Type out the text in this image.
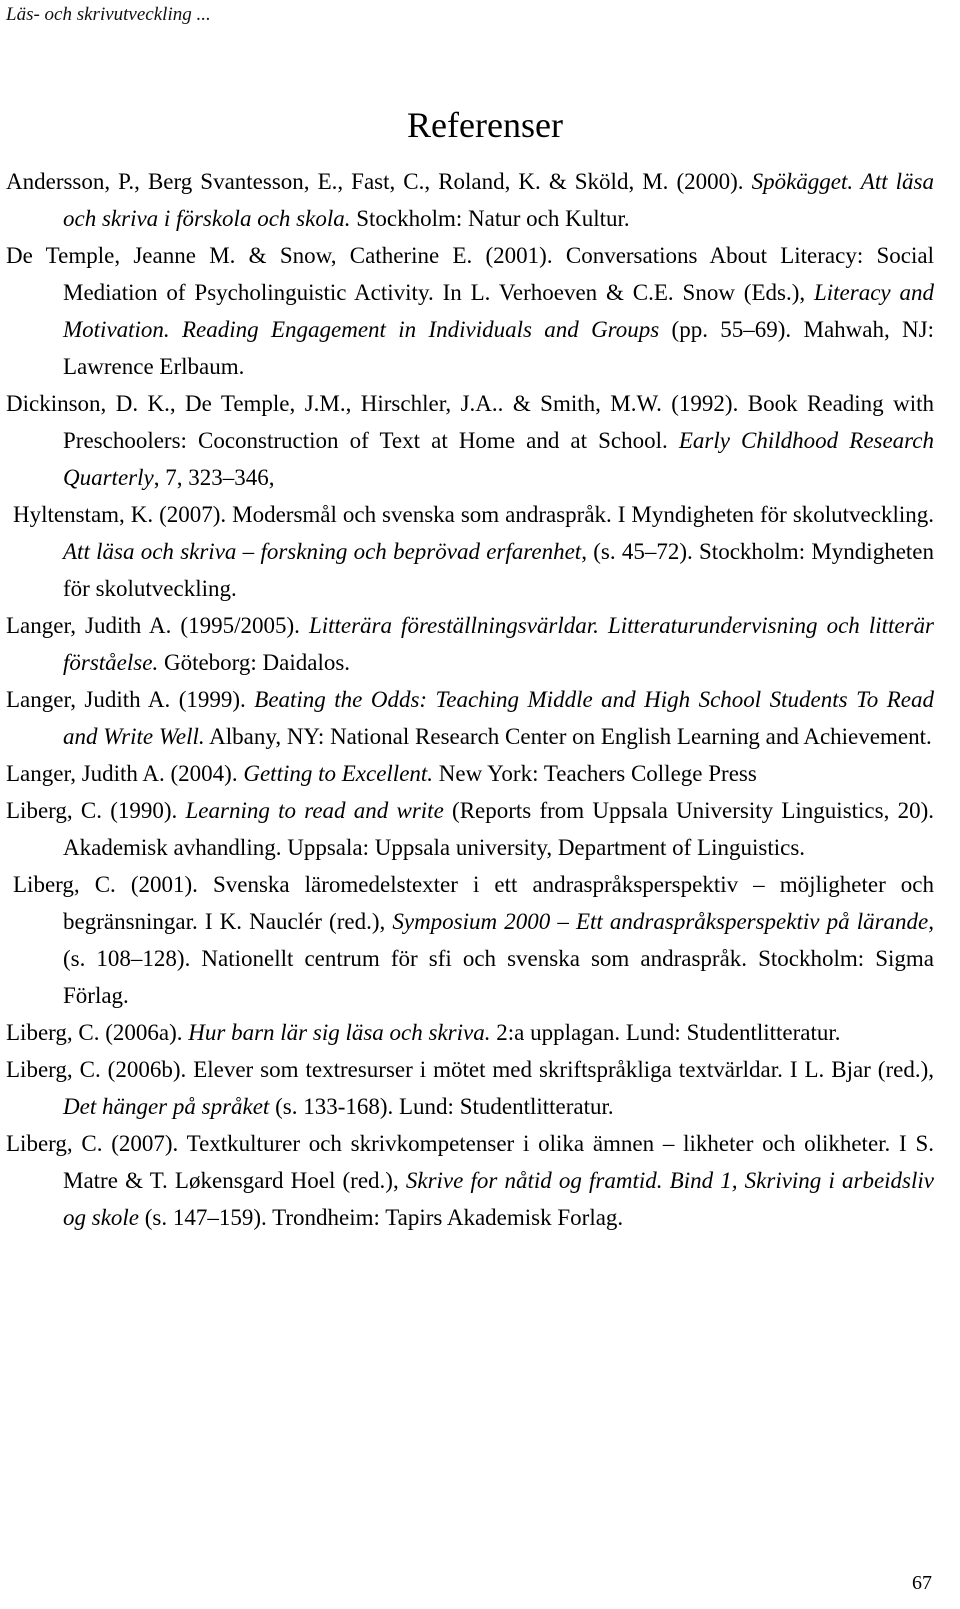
Läs- och skrivutveckling ...
Referenser

Andersson, P., Berg Svantesson, E., Fast, C., Roland, K. & Sköld, M. (2000). Spökägget. Att läsa och skriva i förskola och skola. Stockholm: Natur och Kultur.

De Temple, Jeanne M. & Snow, Catherine E. (2001). Conversations About Literacy: Social Mediation of Psycholinguistic Activity. In L. Verhoeven & C.E. Snow (Eds.), Literacy and Motivation. Reading Engagement in Individuals and Groups (pp. 55–69). Mahwah, NJ: Lawrence Erlbaum.

Dickinson, D. K., De Temple, J.M., Hirschler, J.A.. & Smith, M.W. (1992). Book Reading with Preschoolers: Coconstruction of Text at Home and at School. Early Childhood Research Quarterly, 7, 323–346,

Hyltenstam, K. (2007). Modersmål och svenska som andraspråk. I Myndigheten för skolutveckling. Att läsa och skriva – forskning och beprövad erfarenhet, (s. 45–72). Stockholm: Myndigheten för skolutveckling.

Langer, Judith A. (1995/2005). Litterära föreställningsvärldar. Litteraturundervisning och litterär förståelse. Göteborg: Daidalos.

Langer, Judith A. (1999). Beating the Odds: Teaching Middle and High School Students To Read and Write Well. Albany, NY: National Research Center on English Learning and Achievement.

Langer, Judith A. (2004). Getting to Excellent. New York: Teachers College Press

Liberg, C. (1990). Learning to read and write (Reports from Uppsala University Linguistics, 20). Akademisk avhandling. Uppsala: Uppsala university, Department of Linguistics.

Liberg, C. (2001). Svenska läromedelstexter i ett andraspråksperspektiv – möjligheter och begränsningar. I K. Nauclér (red.), Symposium 2000 – Ett andraspråksperspektiv på lärande, (s. 108–128). Nationellt centrum för sfi och svenska som andraspråk. Stockholm: Sigma Förlag.

Liberg, C. (2006a). Hur barn lär sig läsa och skriva. 2:a upplagan. Lund: Studentlitteratur.

Liberg, C. (2006b). Elever som textresurser i mötet med skriftspråkliga textvärldar. I L. Bjar (red.), Det hänger på språket (s. 133-168). Lund: Studentlitteratur.

Liberg, C. (2007). Textkulturer och skrivkompetenser i olika ämnen – likheter och olikheter. I S. Matre & T. Løkensgard Hoel (red.), Skrive for nåtid og framtid. Bind 1, Skriving i arbeidsliv og skole (s. 147–159). Trondheim: Tapirs Akademisk Forlag.

67
